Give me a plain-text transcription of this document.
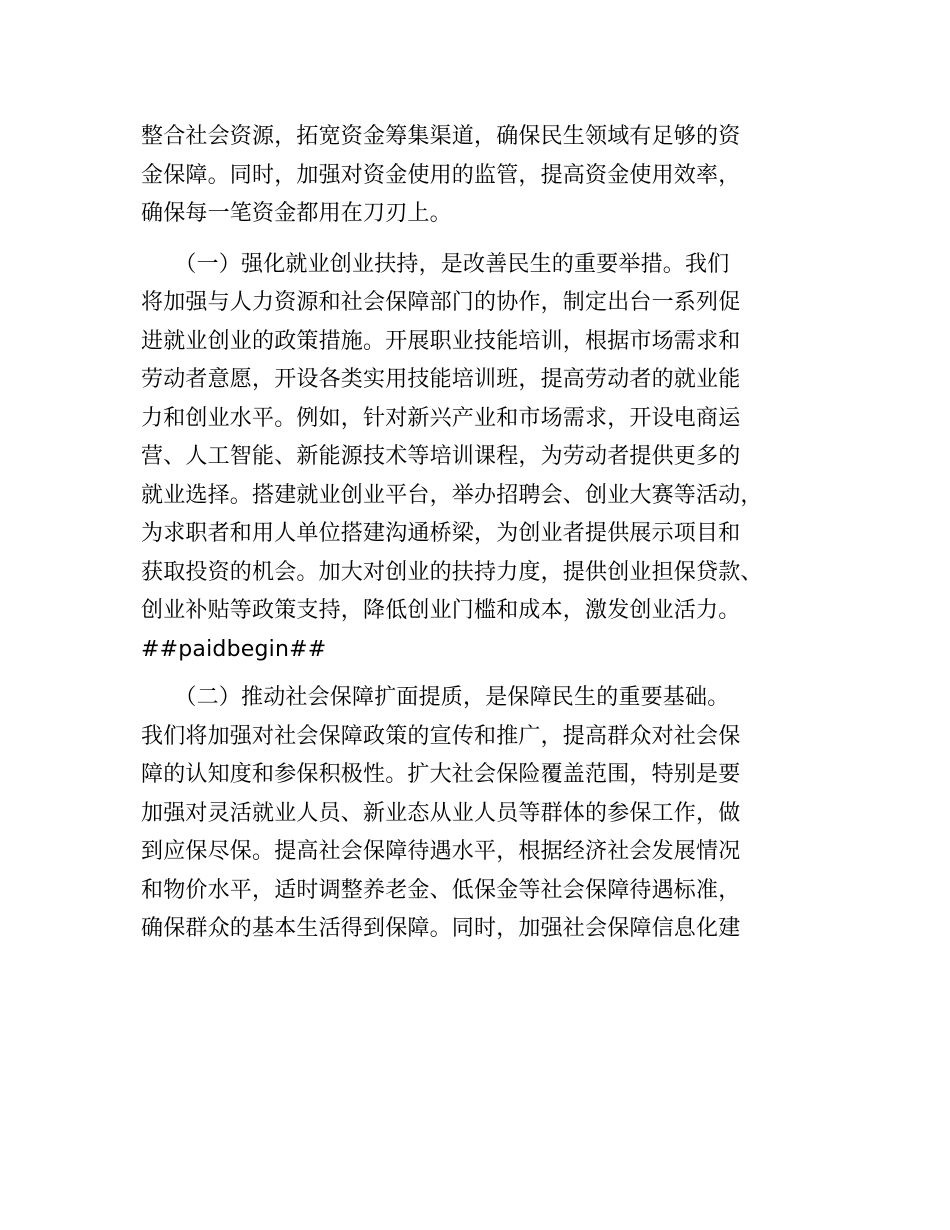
整合社会资源，拓宽资金筹集渠道，确保民生领域有足够的资
金保障。同时，加强对资金使用的监管，提高资金使用效率，
确保每一笔资金都用在刀刃上。
　　（一）强化就业创业扶持，是改善民生的重要举措。我们
将加强与人力资源和社会保障部门的协作，制定出台一系列促
进就业创业的政策措施。开展职业技能培训，根据市场需求和
劳动者意愿，开设各类实用技能培训班，提高劳动者的就业能
力和创业水平。例如，针对新兴产业和市场需求，开设电商运
营、人工智能、新能源技术等培训课程，为劳动者提供更多的
就业选择。搭建就业创业平台，举办招聘会、创业大赛等活动，
为求职者和用人单位搭建沟通桥梁，为创业者提供展示项目和
获取投资的机会。加大对创业的扶持力度，提供创业担保贷款、
创业补贴等政策支持，降低创业门槛和成本，激发创业活力。
##paidbegin##
　　（二）推动社会保障扩面提质，是保障民生的重要基础。
我们将加强对社会保障政策的宣传和推广，提高群众对社会保
障的认知度和参保积极性。扩大社会保险覆盖范围，特别是要
加强对灵活就业人员、新业态从业人员等群体的参保工作，做
到应保尽保。提高社会保障待遇水平，根据经济社会发展情况
和物价水平，适时调整养老金、低保金等社会保障待遇标准，
确保群众的基本生活得到保障。同时，加强社会保障信息化建
